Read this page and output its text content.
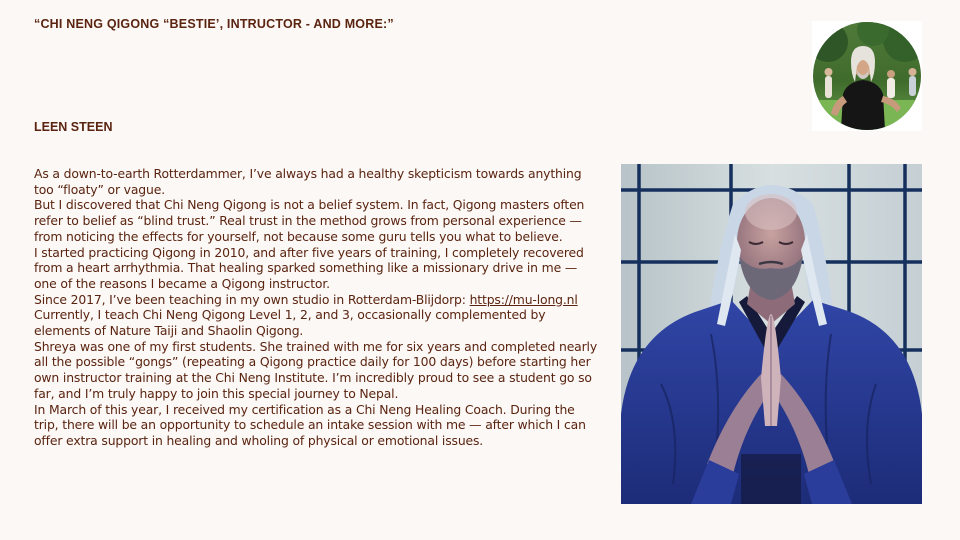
“CHI NENG QIGONG “BESTIE’, INTRUCTOR - AND MORE:”
LEEN STEEN

As a down-to-earth Rotterdammer, I’ve always had a healthy skepticism towards anything too “floaty” or vague.

But I discovered that Chi Neng Qigong is not a belief system. In fact, Qigong masters often refer to belief as “blind trust.” Real trust in the method grows from personal experience — from noticing the effects for yourself, not because some guru tells you what to believe.

I started practicing Qigong in 2010, and after five years of training, I completely recovered from a heart arrhythmia. That healing sparked something like a missionary drive in me — one of the reasons I became a Qigong instructor.

Since 2017, I’ve been teaching in my own studio in Rotterdam-Blijdorp: https://mu-long.nl

Currently, I teach Chi Neng Qigong Level 1, 2, and 3, occasionally complemented by elements of Nature Taiji and Shaolin Qigong.

Shreya was one of my first students. She trained with me for six years and completed nearly all the possible “gongs” (repeating a Qigong practice daily for 100 days) before starting her own instructor training at the Chi Neng Institute. I’m incredibly proud to see a student go so far, and I’m truly happy to join this special journey to Nepal.

In March of this year, I received my certification as a Chi Neng Healing Coach. During the trip, there will be an opportunity to schedule an intake session with me — after which I can offer extra support in healing and wholing of physical or emotional issues.
